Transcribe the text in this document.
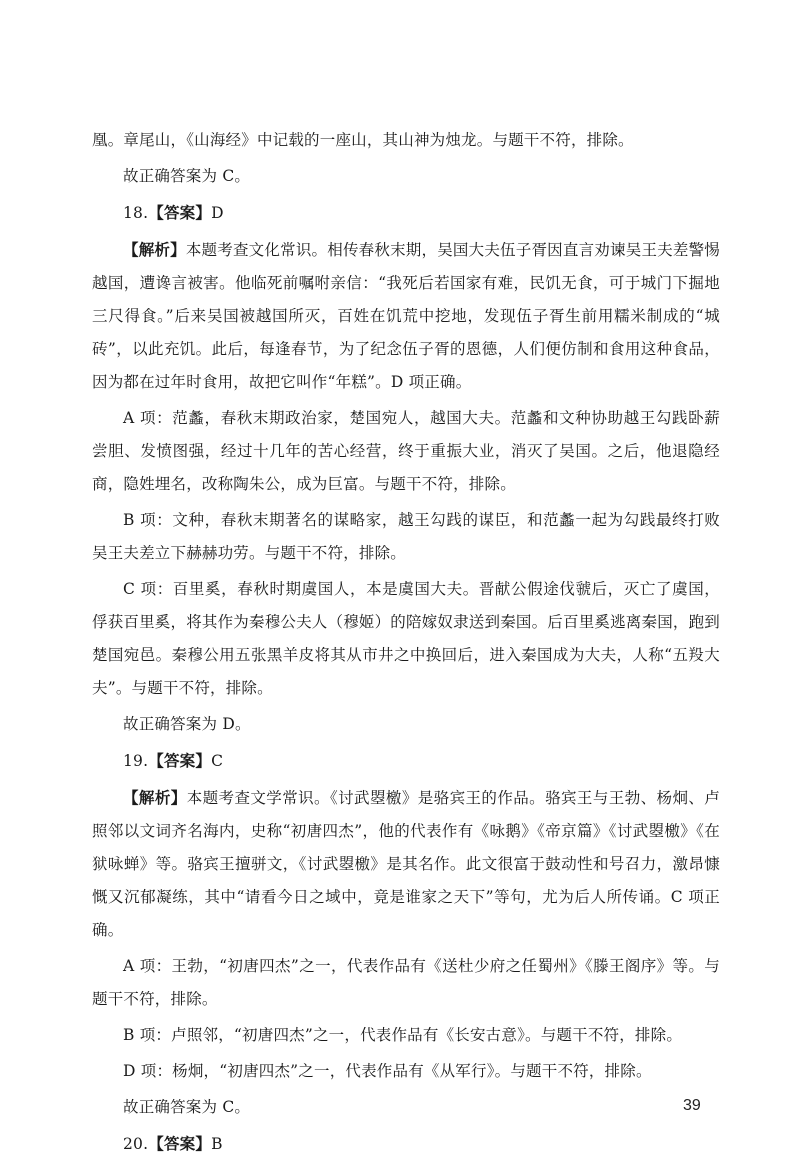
凰。章尾山，《山海经》中记载的一座山，其山神为烛龙。与题干不符，排除。

故正确答案为 C。

18.【答案】D

【解析】本题考查文化常识。相传春秋末期，吴国大夫伍子胥因直言劝谏吴王夫差警惕越国，遭谗言被害。他临死前嘱咐亲信：“我死后若国家有难，民饥无食，可于城门下掘地三尺得食。”后来吴国被越国所灭，百姓在饥荒中挖地，发现伍子胥生前用糯米制成的“城砖”，以此充饥。此后，每逢春节，为了纪念伍子胥的恩德，人们便仿制和食用这种食品，因为都在过年时食用，故把它叫作“年糕”。D 项正确。

A 项：范蠡，春秋末期政治家，楚国宛人，越国大夫。范蠡和文种协助越王勾践卧薪尝胆、发愤图强，经过十几年的苦心经营，终于重振大业，消灭了吴国。之后，他退隐经商，隐姓埋名，改称陶朱公，成为巨富。与题干不符，排除。

B 项：文种，春秋末期著名的谋略家，越王勾践的谋臣，和范蠡一起为勾践最终打败吴王夫差立下赫赫功劳。与题干不符，排除。

C 项：百里奚，春秋时期虞国人，本是虞国大夫。晋献公假途伐虢后，灭亡了虞国，俘获百里奚，将其作为秦穆公夫人（穆姬）的陪嫁奴隶送到秦国。后百里奚逃离秦国，跑到楚国宛邑。秦穆公用五张黑羊皮将其从市井之中换回后，进入秦国成为大夫，人称“五羖大夫”。与题干不符，排除。

故正确答案为 D。

19.【答案】C

【解析】本题考查文学常识。《讨武曌檄》是骆宾王的作品。骆宾王与王勃、杨炯、卢照邻以文词齐名海内，史称“初唐四杰”，他的代表作有《咏鹅》《帝京篇》《讨武曌檄》《在狱咏蝉》等。骆宾王擅骈文，《讨武曌檄》是其名作。此文很富于鼓动性和号召力，激昂慷慨又沉郁凝练，其中“请看今日之域中，竟是谁家之天下”等句，尤为后人所传诵。C 项正确。

A 项：王勃，“初唐四杰”之一，代表作品有《送杜少府之任蜀州》《滕王阁序》等。与题干不符，排除。

B 项：卢照邻，“初唐四杰”之一，代表作品有《长安古意》。与题干不符，排除。

D 项：杨炯，“初唐四杰”之一，代表作品有《从军行》。与题干不符，排除。

故正确答案为 C。

20.【答案】B

39
